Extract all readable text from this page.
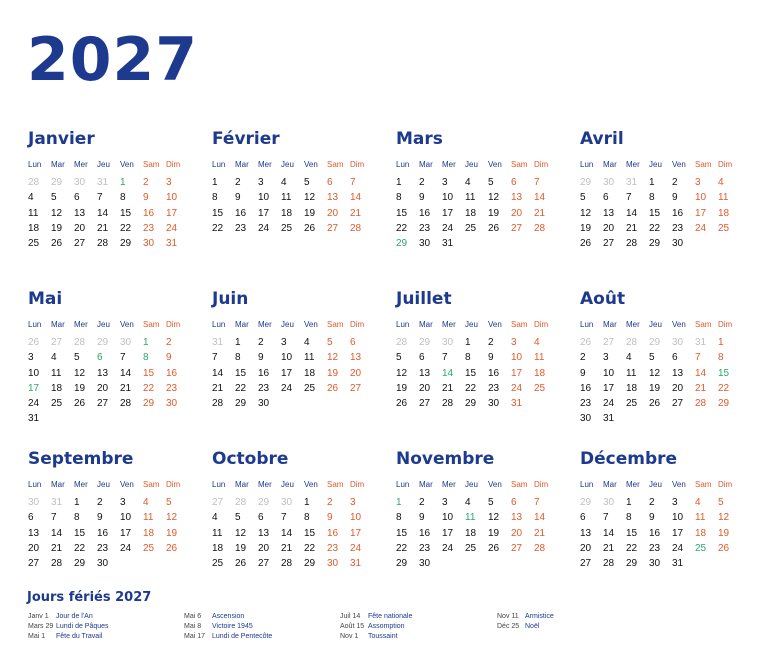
2027
Janvier
Lun	Mar	Mer	Jeu	Ven	Sam Dim
28	29	30	31	1	2	3
4	5	6	7	8	9	10
11	12	13	14	15	16	17
18	19	20	21	22	23	24
25	26	27	28	29	30	31
Février
Lun	Mar	Mer	Jeu	Ven	Sam Dim
1	2	3	4	5	6	7
8	9	10	11	12	13	14
15	16	17	18	19	20	21
22	23	24	25	26	27	28
Mars
Lun	Mar	Mer	Jeu	Ven	Sam Dim
1	2	3	4	5	6	7
8	9	10	11	12	13	14
15	16	17	18	19	20	21
22	23	24	25	26	27	28
29	30	31
Avril
Lun	Mar	Mer	Jeu	Ven	Sam Dim
29	30	31	1	2	3	4
5	6	7	8	9	10	11
12	13	14	15	16	17	18
19	20	21	22	23	24	25
26	27	28	29	30
Mai
Lun	Mar	Mer	Jeu	Ven	Sam Dim
26	27	28	29	30	1	2
3	4	5	6	7	8	9
10	11	12	13	14	15	16
17	18	19	20	21	22	23
24	25	26	27	28	29	30
31
Juin
Lun	Mar	Mer	Jeu	Ven	Sam Dim
31	1	2	3	4	5	6
7	8	9	10	11	12	13
14	15	16	17	18	19	20
21	22	23	24	25	26	27
28	29	30
Juillet
Lun	Mar	Mer	Jeu	Ven	Sam Dim
28	29	30	1	2	3	4
5	6	7	8	9	10	11
12	13	14	15	16	17	18
19	20	21	22	23	24	25
26	27	28	29	30	31
Août
Lun	Mar	Mer	Jeu	Ven	Sam Dim
26	27	28	29	30	31	1
2	3	4	5	6	7	8
9	10	11	12	13	14	15
16	17	18	19	20	21	22
23	24	25	26	27	28	29
30	31
Septembre
Lun	Mar	Mer	Jeu	Ven	Sam Dim
30	31	1	2	3	4	5
6	7	8	9	10	11	12
13	14	15	16	17	18	19
20	21	22	23	24	25	26
27	28	29	30
Octobre
Lun	Mar	Mer	Jeu	Ven	Sam Dim
27	28	29	30	1	2	3
4	5	6	7	8	9	10
11	12	13	14	15	16	17
18	19	20	21	22	23	24
25	26	27	28	29	30	31
Novembre
Lun	Mar	Mer	Jeu	Ven	Sam Dim
1	2	3	4	5	6	7
8	9	10	11	12	13	14
15	16	17	18	19	20	21
22	23	24	25	26	27	28
29	30
Décembre
Lun	Mar	Mer	Jeu	Ven	Sam Dim
29	30	1	2	3	4	5
6	7	8	9	10	11	12
13	14	15	16	17	18	19
20	21	22	23	24	25	26
27	28	29	30	31
Jours fériés 2027
Janv 1	Jour de l'An
Mars 29 Lundi de Pâques
Mai 1	Fête du Travail
Mai 6	Ascension
Mai 8	Victoire 1945
Mai 17 Lundi de Pentecôte
Juil 14	Fête nationale
Août 15 Assomption
Nov 1	Toussaint
Nov 11 Armistice
Déc 25 Noël
